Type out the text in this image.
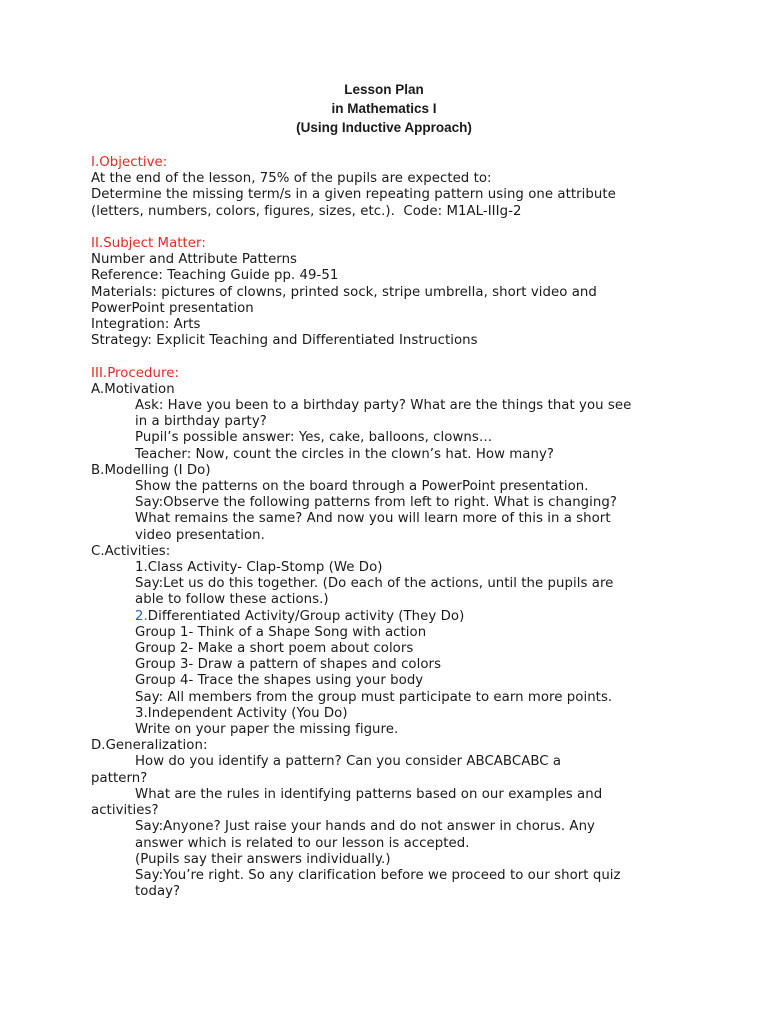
Lesson Plan
in Mathematics I
(Using Inductive Approach)
I.Objective:
At the end of the lesson, 75% of the pupils are expected to:
Determine the missing term/s in a given repeating pattern using one attribute
(letters, numbers, colors, figures, sizes, etc.).  Code: M1AL-IIIg-2
II.Subject Matter:
Number and Attribute Patterns
Reference: Teaching Guide pp. 49-51
Materials: pictures of clowns, printed sock, stripe umbrella, short video and
PowerPoint presentation
Integration: Arts
Strategy: Explicit Teaching and Differentiated Instructions
III.Procedure:
A.Motivation
Ask: Have you been to a birthday party? What are the things that you see
in a birthday party?
Pupil’s possible answer: Yes, cake, balloons, clowns…
Teacher: Now, count the circles in the clown’s hat. How many?
B.Modelling (I Do)
Show the patterns on the board through a PowerPoint presentation.
Say:Observe the following patterns from left to right. What is changing?
What remains the same? And now you will learn more of this in a short
video presentation.
C.Activities:
1.Class Activity- Clap-Stomp (We Do)
Say:Let us do this together. (Do each of the actions, until the pupils are
able to follow these actions.)
2.Differentiated Activity/Group activity (They Do)
Group 1- Think of a Shape Song with action
Group 2- Make a short poem about colors
Group 3- Draw a pattern of shapes and colors
Group 4- Trace the shapes using your body
Say: All members from the group must participate to earn more points.
3.Independent Activity (You Do)
Write on your paper the missing figure.
D.Generalization:
How do you identify a pattern? Can you consider ABCABCABC a
pattern?
What are the rules in identifying patterns based on our examples and
activities?
Say:Anyone? Just raise your hands and do not answer in chorus. Any
answer which is related to our lesson is accepted.
(Pupils say their answers individually.)
Say:You’re right. So any clarification before we proceed to our short quiz
today?
